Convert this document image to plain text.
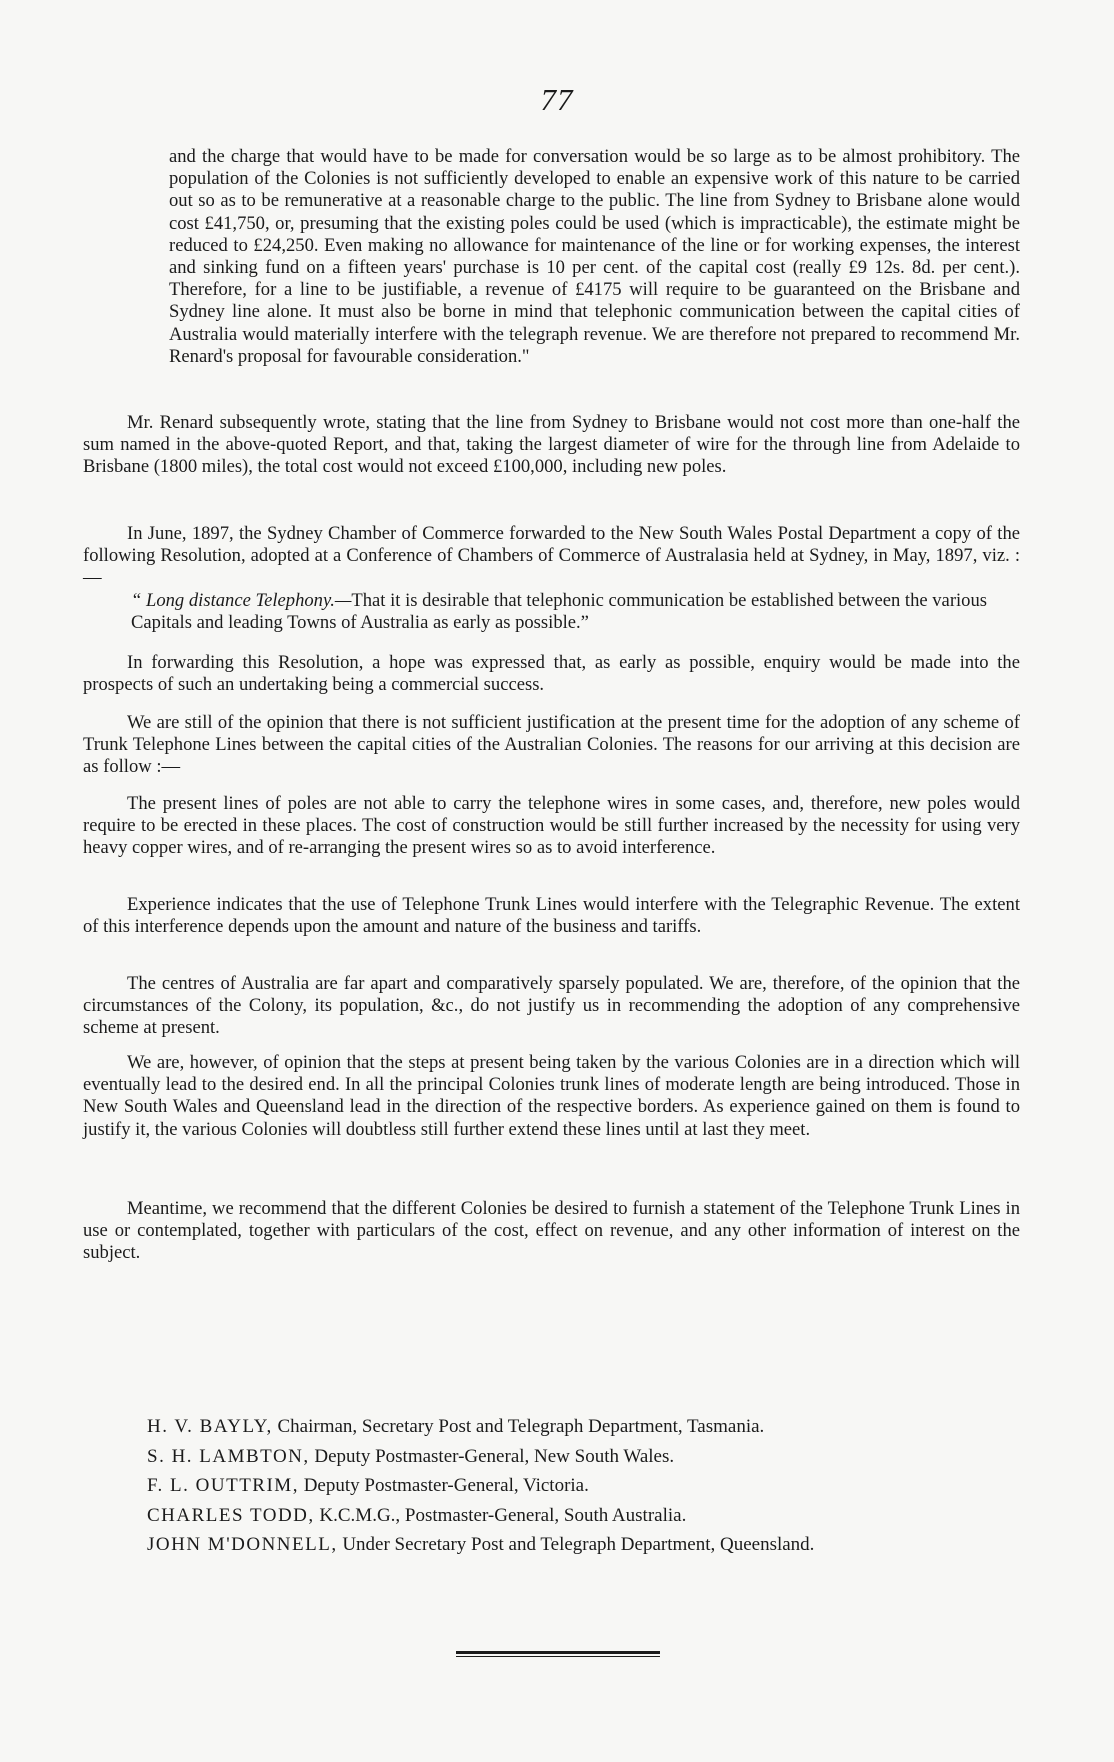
77
and the charge that would have to be made for conversation would be so large as to be almost prohibitory. The population of the Colonies is not sufficiently developed to enable an expensive work of this nature to be carried out so as to be remunerative at a reasonable charge to the public. The line from Sydney to Brisbane alone would cost £41,750, or, presuming that the existing poles could be used (which is impracticable), the estimate might be reduced to £24,250. Even making no allowance for maintenance of the line or for working expenses, the interest and sinking fund on a fifteen years' purchase is 10 per cent. of the capital cost (really £9 12s. 8d. per cent.). Therefore, for a line to be justifiable, a revenue of £4175 will require to be guaranteed on the Brisbane and Sydney line alone. It must also be borne in mind that telephonic communication between the capital cities of Australia would materially interfere with the telegraph revenue. We are therefore not prepared to recommend Mr. Renard's proposal for favourable consideration."
Mr. Renard subsequently wrote, stating that the line from Sydney to Brisbane would not cost more than one-half the sum named in the above-quoted Report, and that, taking the largest diameter of wire for the through line from Adelaide to Brisbane (1800 miles), the total cost would not exceed £100,000, including new poles.
In June, 1897, the Sydney Chamber of Commerce forwarded to the New South Wales Postal Department a copy of the following Resolution, adopted at a Conference of Chambers of Commerce of Australasia held at Sydney, in May, 1897, viz. :—
“ Long distance Telephony.—That it is desirable that telephonic communication be established between the various Capitals and leading Towns of Australia as early as possible.”
In forwarding this Resolution, a hope was expressed that, as early as possible, enquiry would be made into the prospects of such an undertaking being a commercial success.
We are still of the opinion that there is not sufficient justification at the present time for the adoption of any scheme of Trunk Telephone Lines between the capital cities of the Australian Colonies. The reasons for our arriving at this decision are as follow :—
The present lines of poles are not able to carry the telephone wires in some cases, and, therefore, new poles would require to be erected in these places. The cost of construction would be still further increased by the necessity for using very heavy copper wires, and of re-arranging the present wires so as to avoid interference.
Experience indicates that the use of Telephone Trunk Lines would interfere with the Telegraphic Revenue. The extent of this interference depends upon the amount and nature of the business and tariffs.
The centres of Australia are far apart and comparatively sparsely populated. We are, therefore, of the opinion that the circumstances of the Colony, its population, &c., do not justify us in recommending the adoption of any comprehensive scheme at present.
We are, however, of opinion that the steps at present being taken by the various Colonies are in a direction which will eventually lead to the desired end. In all the principal Colonies trunk lines of moderate length are being introduced. Those in New South Wales and Queensland lead in the direction of the respective borders. As experience gained on them is found to justify it, the various Colonies will doubtless still further extend these lines until at last they meet.
Meantime, we recommend that the different Colonies be desired to furnish a statement of the Telephone Trunk Lines in use or contemplated, together with particulars of the cost, effect on revenue, and any other information of interest on the subject.
H. V. BAYLY, Chairman, Secretary Post and Telegraph Department, Tasmania.
S. H. LAMBTON, Deputy Postmaster-General, New South Wales.
F. L. OUTTRIM, Deputy Postmaster-General, Victoria.
CHARLES TODD, K.C.M.G., Postmaster-General, South Australia.
JOHN M'DONNELL, Under Secretary Post and Telegraph Department, Queensland.
